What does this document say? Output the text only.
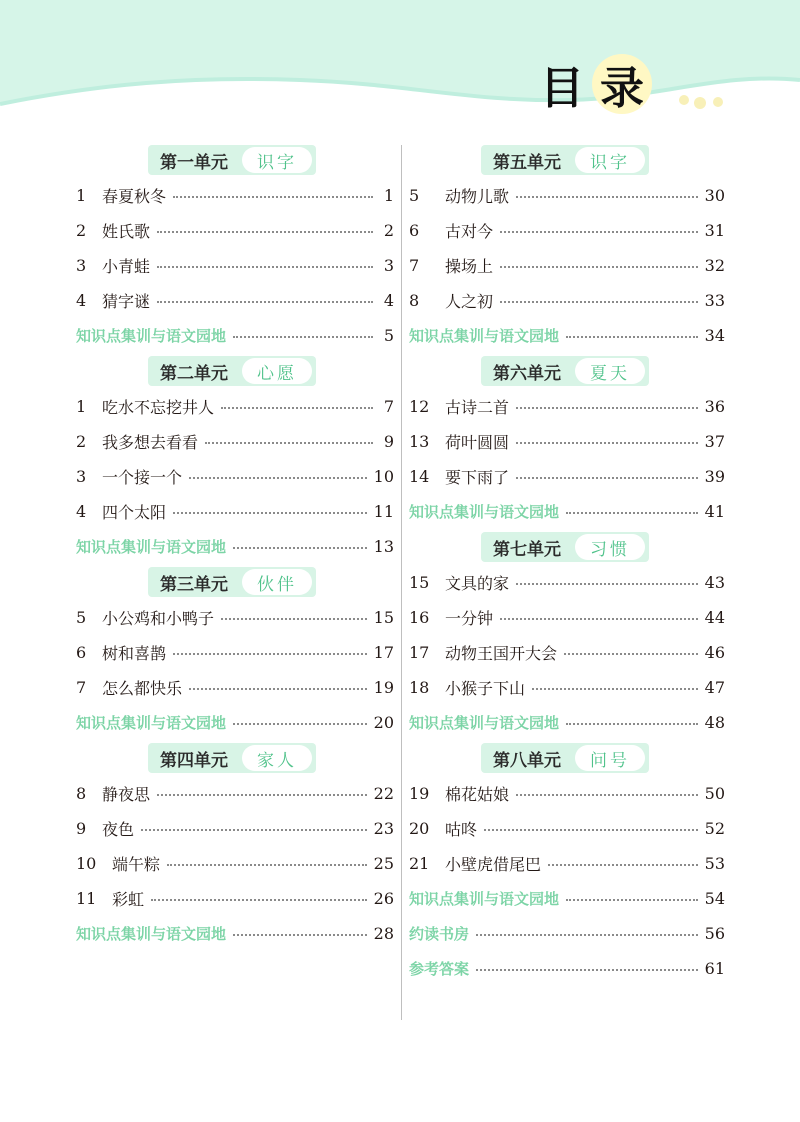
目 录
第一单元	识字
1 春夏秋冬	1
2 姓氏歌	2
3 小青蛙	3
4 猜字谜	4
知识点集训与语文园地	5
第二单元	心愿
1 吃水不忘挖井人	7
2 我多想去看看	9
3 一个接一个	10
4 四个太阳	11
知识点集训与语文园地	13
第三单元	伙伴
5 小公鸡和小鸭子	15
6 树和喜鹊	17
7 怎么都快乐	19
知识点集训与语文园地	20
第四单元	家人
8 静夜思	22
9 夜色	23
10 端午粽	25
11 彩虹	26
知识点集训与语文园地	28
第五单元	识字
5	动物儿歌	30
6	古对今	31
7	操场上	32
8	人之初	33
知识点集训与语文园地	34
第六单元	夏天
12 古诗二首	36
13 荷叶圆圆	37
14 要下雨了	39
知识点集训与语文园地	41
第七单元	习惯
15 文具的家	43
16 一分钟	44
17 动物王国开大会	46
18 小猴子下山	47
知识点集训与语文园地	48
第八单元	问号
19 棉花姑娘	50
20 咕咚	52
21 小壁虎借尾巴	53
知识点集训与语文园地	54
约读书房	56
参考答案	61
